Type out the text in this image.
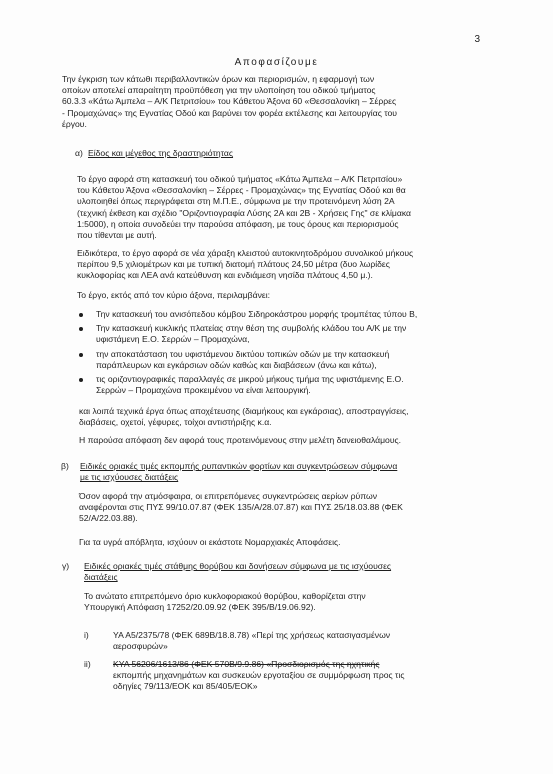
3
Αποφασίζουμε
Την έγκριση των κάτωθι περιβαλλοντικών όρων και περιορισμών, η εφαρμογή των
οποίων αποτελεί απαραίτητη προϋπόθεση για την υλοποίηση του οδικού τμήματος
60.3.3 «Κάτω Άμπελα – Α/Κ Πετριτσίου» του Κάθετου Άξονα 60 «Θεσσαλονίκη – Σέρρες
- Προμαχώνας» της Εγνατίας Οδού και βαρύνει τον φορέα εκτέλεσης και λειτουργίας του
έργου.
α) Είδος και μέγεθος της δραστηριότητας
Το έργο αφορά στη κατασκευή του οδικού τμήματος «Κάτω Άμπελα – Α/Κ Πετριτσίου»
του Κάθετου Άξονα «Θεσσαλονίκη – Σέρρες - Προμαχώνας» της Εγνατίας Οδού και θα
υλοποιηθεί όπως περιγράφεται στη Μ.Π.Ε., σύμφωνα με την προτεινόμενη λύση 2Α
(τεχνική έκθεση και σχέδιο "Οριζοντιογραφία Λύσης 2Α και 2Β - Χρήσεις Γης" σε κλίμακα
1:5000), η οποία συνοδεύει την παρούσα απόφαση, με τους όρους και περιορισμούς
που τίθενται με αυτή.
Ειδικότερα, το έργο αφορά σε νέα χάραξη κλειστού αυτοκινητοδρόμου συνολικού μήκους
περίπου 9,5 χιλιομέτρων και με τυπική διατομή πλάτους 24,50 μέτρα (δυο λωρίδες
κυκλοφορίας και ΛΕΑ ανά κατεύθυνση και ενδιάμεση νησίδα πλάτους 4,50 μ.).
Το έργο, εκτός από τον κύριο άξονα, περιλαμβάνει:
Την κατασκευή του ανισόπεδου κόμβου Σιδηροκάστρου μορφής τρομπέτας τύπου Β,
Την κατασκευή κυκλικής πλατείας στην θέση της συμβολής κλάδου του Α/Κ με την
υφιστάμενη Ε.Ο. Σερρών – Προμαχώνα,
την αποκατάσταση του υφιστάμενου δικτύου τοπικών οδών με την κατασκευή
παράπλευρων και εγκάρσιων οδών καθώς και διαβάσεων (άνω και κάτω),
τις οριζοντιογραφικές παραλλαγές σε μικρού μήκους τμήμα της υφιστάμενης Ε.Ο.
Σερρών – Προμαχώνα προκειμένου να είναι λειτουργική.
και λοιπά τεχνικά έργα όπως αποχέτευσης (διαμήκους και εγκάρσιας), αποστραγγίσεις,
διαβάσεις, οχετοί, γέφυρες, τοίχοι αντιστήριξης κ.α.
Η παρούσα απόφαση δεν αφορά τους προτεινόμενους στην μελέτη δανειοθαλάμους.
β) Ειδικές οριακές τιμές εκπομπής ρυπαντικών φορτίων και συγκεντρώσεων σύμφωνα
με τις ισχύουσες διατάξεις
Όσον αφορά την ατμόσφαιρα, οι επιτρεπόμενες συγκεντρώσεις αερίων ρύπων
αναφέρονται στις ΠΥΣ 99/10.07.87 (ΦΕΚ 135/Α/28.07.87) και ΠΥΣ 25/18.03.88 (ΦΕΚ
52/Α/22.03.88).
Για τα υγρά απόβλητα, ισχύουν οι εκάστοτε Νομαρχιακές Αποφάσεις.
γ) Ειδικές οριακές τιμές στάθμης θορύβου και δονήσεων σύμφωνα με τις ισχύουσες
διατάξεις
Το ανώτατο επιτρεπόμενο όριο κυκλοφοριακού θορύβου, καθορίζεται στην
Υπουργική Απόφαση 17252/20.09.92 (ΦΕΚ 395/Β/19.06.92).
i)	ΥΑ Α5/2375/78 (ΦΕΚ 689Β/18.8.78) «Περί της χρήσεως κατασιγασμένων
αεροσφυρών»
ii)	ΚΥΑ 56206/1613/86 (ΦΕΚ 570Β/9.9.86) «Προσδιορισμός της ηχητικής
εκπομπής μηχανημάτων και συσκευών εργοταξίου σε συμμόρφωση προς τις
οδηγίες 79/113/ΕΟΚ και 85/405/ΕΟΚ»
